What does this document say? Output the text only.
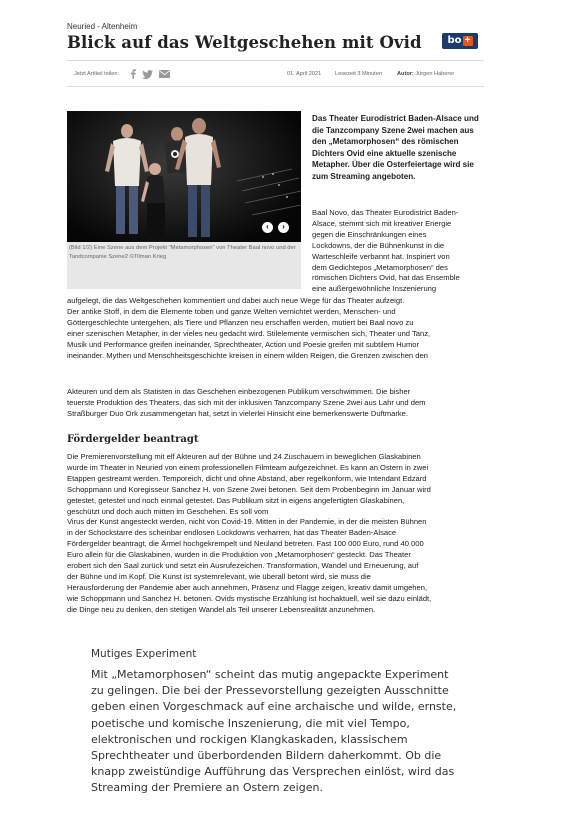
Neuried - Altenheim
Blick auf das Weltgeschehen mit Ovid	bo +
Jetzt Artikel teilen:	01. April 2021 Lesezeit 3 Minuten	Autor: Jürgen Haberer
‹ ›
(Bild 1/2) Eine Szene aus dem Projekt "Metamorphosen" von Theater Baal novo und der Tandcompanie Szene2 ©Tilman Krieg
Das Theater Eurodistrict Baden-Alsace und die Tanzcompany Szene 2wei machen aus den „Metamorphosen“ des römischen Dichters Ovid eine aktuelle szenische Metapher. Über die Osterfeiertage wird sie zum Streaming angeboten.
Baal Novo, das Theater Eurodistrict Baden-
Alsace, stemmt sich mit kreativer Energie
gegen die Einschränkungen eines
Lockdowns, der die Bühnenkunst in die
Warteschleife verbannt hat. Inspiriert von
dem Gedichtepos „Metamorphosen“ des
römischen Dichters Ovid, hat das Ensemble
eine außergewöhnliche Inszenierung
aufgelegt, die das Weltgeschehen kommentiert und dabei auch neue Wege für das Theater aufzeigt.
Der antike Stoff, in dem die Elemente toben und ganze Welten vernichtet werden, Menschen- und
Göttergeschlechte untergehen, als Tiere und Pflanzen neu erschaffen werden, mutiert bei Baal novo zu
einer szenischen Metapher, in der vieles neu gedacht wird. Stilelemente vermischen sich, Theater und Tanz,
Musik und Performance greifen ineinander, Sprechtheater, Action und Poesie greifen mit subtilem Humor
ineinander. Mythen und Menschheitsgeschichte kreisen in einem wilden Reigen, die Grenzen zwischen den
Akteuren und dem als Statisten in das Geschehen einbezogenen Publikum verschwimmen. Die bisher
teuerste Produktion des Theaters, das sich mit der inklusiven Tanzcompany Szene 2wei aus Lahr und dem
Straßburger Duo Ork zusammengetan hat, setzt in vielerlei Hinsicht eine bemerkenswerte Duftmarke.
Fördergelder beantragt
Die Premierenvorstellung mit elf Akteuren auf der Bühne und 24 Zuschauern in beweglichen Glaskabinen
wurde im Theater in Neuried von einem professionellen Filmteam aufgezeichnet. Es kann an Ostern in zwei
Etappen gestreamt werden. Temporeich, dicht und ohne Abstand, aber regelkonform, wie Intendant Edzard
Schoppmann und Koregisseur Sanchez H. von Szene 2wei betonen. Seit dem Probenbeginn im Januar wird
getestet, getestet und noch einmal getestet. Das Publikum sitzt in eigens angefertigten Glaskabinen,
geschützt und doch auch mitten im Geschehen. Es soll vom
Virus der Kunst angesteckt werden, nicht von Covid-19. Mitten in der Pandemie, in der die meisten Bühnen
in der Schockstarre des scheinbar endlosen Lockdowns verharren, hat das Theater Baden-Alsace
Fördergelder beantragt, die Ärmel hochgekrempelt und Neuland betreten. Fast 100 000 Euro, rund 40 000
Euro allein für die Glaskabinen, wurden in die Produktion von „Metamorphosen“ gesteckt. Das Theater
erobert sich den Saal zurück und setzt ein Ausrufezeichen. Transformation, Wandel und Erneuerung, auf
der Bühne und im Kopf. Die Kunst ist systemrelevant, wie überall betont wird, sie muss die
Herausforderung der Pandemie aber auch annehmen, Präsenz und Flagge zeigen, kreativ damit umgehen,
wie Schoppmann und Sanchez H. betonen. Ovids mystische Erzählung ist hochaktuell, weil sie dazu einlädt,
die Dinge neu zu denken, den stetigen Wandel als Teil unserer Lebensrealität anzunehmen.
Mutiges Experiment
Mit „Metamorphosen“ scheint das mutig angepackte Experiment
zu gelingen. Die bei der Pressevorstellung gezeigten Ausschnitte
geben einen Vorgeschmack auf eine archaische und wilde, ernste,
poetische und komische Inszenierung, die mit viel Tempo,
elektronischen und rockigen Klangkaskaden, klassischem
Sprechtheater und überbordenden Bildern daherkommt. Ob die
knapp zweistündige Aufführung das Versprechen einlöst, wird das
Streaming der Premiere an Ostern zeigen.
